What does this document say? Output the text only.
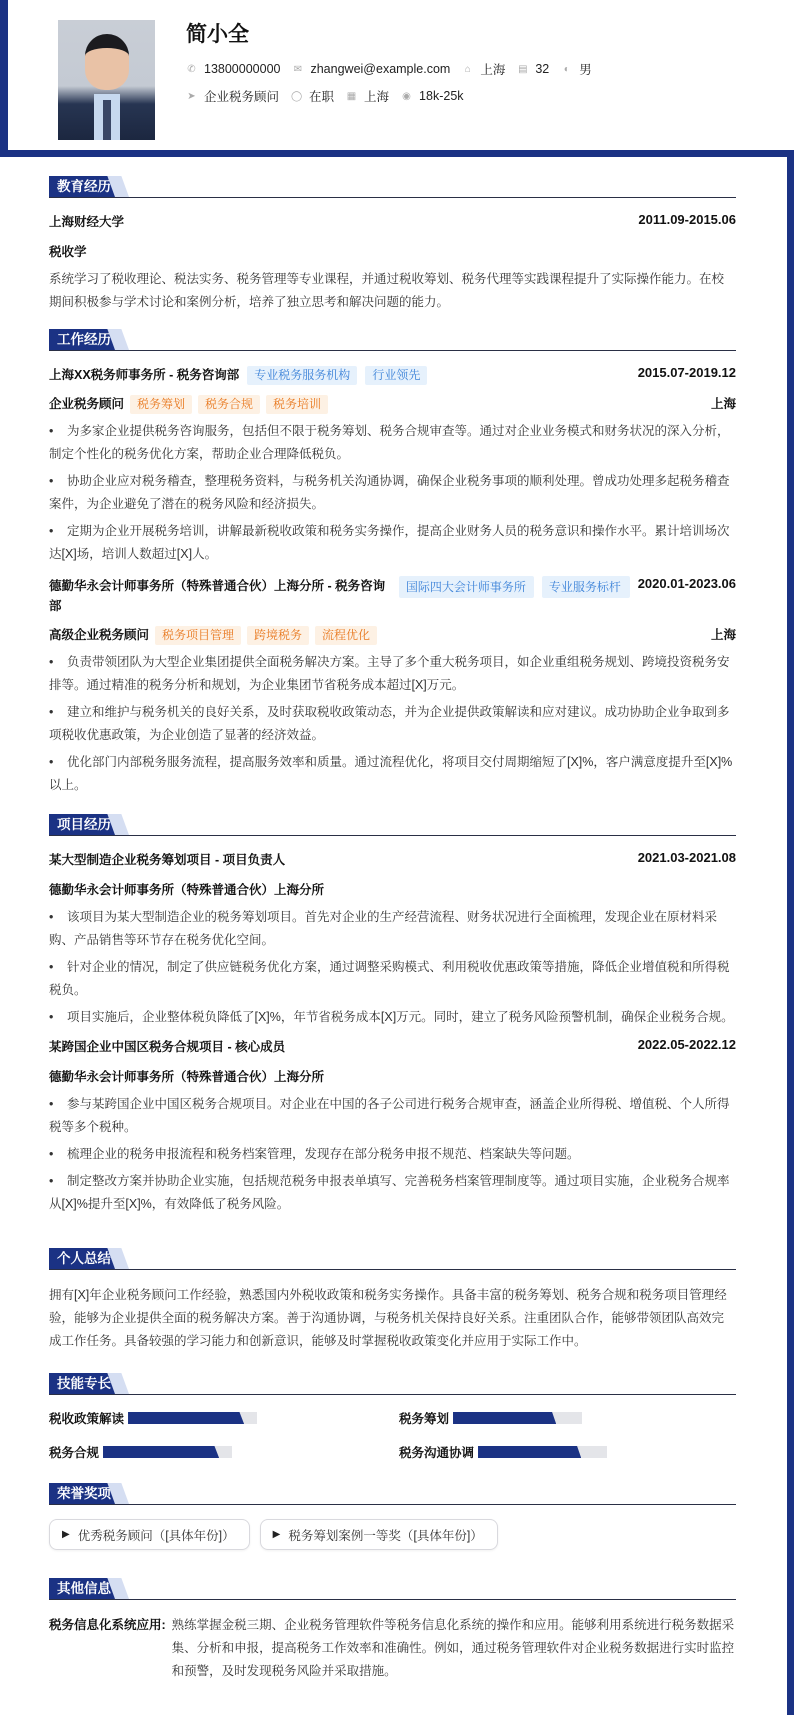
简小全
✆ 13800000000 ✉ zhangwei@example.com ⌂ 上海 ▤ 32 ◐ 男
➤ 企业税务顾问 ◯ 在职 ▦ 上海 ◉ 18k-25k
教育经历
上海财经大学	2011.09-2015.06
税收学
系统学习了税收理论、税法实务、税务管理等专业课程，并通过税收筹划、税务代理等实践课程提升了实际操作能力。在校期间积极参与学术讨论和案例分析，培养了独立思考和解决问题的能力。
工作经历
上海XX税务师事务所 - 税务咨询部 专业税务服务机构 行业领先	2015.07-2019.12
企业税务顾问 税务筹划 税务合规 税务培训	上海
• 为多家企业提供税务咨询服务，包括但不限于税务筹划、税务合规审查等。通过对企业业务模式和财务状况的深入分析，制定个性化的税务优化方案，帮助企业合理降低税负。
• 协助企业应对税务稽查，整理税务资料，与税务机关沟通协调，确保企业税务事项的顺利处理。曾成功处理多起税务稽查案件，为企业避免了潜在的税务风险和经济损失。
• 定期为企业开展税务培训，讲解最新税收政策和税务实务操作，提高企业财务人员的税务意识和操作水平。累计培训场次达[X]场，培训人数超过[X]人。
德勤华永会计师事务所（特殊普通合伙）上海分所 - 税务咨询部
国际四大会计师事务所	专业服务标杆	2020.01-2023.06
高级企业税务顾问 税务项目管理 跨境税务 流程优化	上海
• 负责带领团队为大型企业集团提供全面税务解决方案。主导了多个重大税务项目，如企业重组税务规划、跨境投资税务安排等。通过精准的税务分析和规划，为企业集团节省税务成本超过[X]万元。
• 建立和维护与税务机关的良好关系，及时获取税收政策动态，并为企业提供政策解读和应对建议。成功协助企业争取到多项税收优惠政策，为企业创造了显著的经济效益。
• 优化部门内部税务服务流程，提高服务效率和质量。通过流程优化，将项目交付周期缩短了[X]%，客户满意度提升至[X]%以上。
项目经历
某大型制造企业税务筹划项目 - 项目负责人	2021.03-2021.08
德勤华永会计师事务所（特殊普通合伙）上海分所
• 该项目为某大型制造企业的税务筹划项目。首先对企业的生产经营流程、财务状况进行全面梳理，发现企业在原材料采购、产品销售等环节存在税务优化空间。
• 针对企业的情况，制定了供应链税务优化方案，通过调整采购模式、利用税收优惠政策等措施，降低企业增值税和所得税税负。
• 项目实施后，企业整体税负降低了[X]%，年节省税务成本[X]万元。同时，建立了税务风险预警机制，确保企业税务合规。
某跨国企业中国区税务合规项目 - 核心成员	2022.05-2022.12
德勤华永会计师事务所（特殊普通合伙）上海分所
• 参与某跨国企业中国区税务合规项目。对企业在中国的各子公司进行税务合规审查，涵盖企业所得税、增值税、个人所得税等多个税种。
• 梳理企业的税务申报流程和税务档案管理，发现存在部分税务申报不规范、档案缺失等问题。
• 制定整改方案并协助企业实施，包括规范税务申报表单填写、完善税务档案管理制度等。通过项目实施，企业税务合规率从[X]%提升至[X]%，有效降低了税务风险。
个人总结
拥有[X]年企业税务顾问工作经验，熟悉国内外税收政策和税务实务操作。具备丰富的税务筹划、税务合规和税务项目管理经验，能够为企业提供全面的税务解决方案。善于沟通协调，与税务机关保持良好关系。注重团队合作，能够带领团队高效完成工作任务。具备较强的学习能力和创新意识，能够及时掌握税收政策变化并应用于实际工作中。
技能专长
税收政策解读	税务筹划
税务合规	税务沟通协调
荣誉奖项
▶ 优秀税务顾问（[具体年份]）	▶ 税务筹划案例一等奖（[具体年份]）
其他信息
税务信息化系统应用: 熟练掌握金税三期、企业税务管理软件等税务信息化系统的操作和应用。能够利用系统进行税务数据采集、分析和申报，提高税务工作效率和准确性。例如，通过税务管理软件对企业税务数据进行实时监控和预警，及时发现税务风险并采取措施。
